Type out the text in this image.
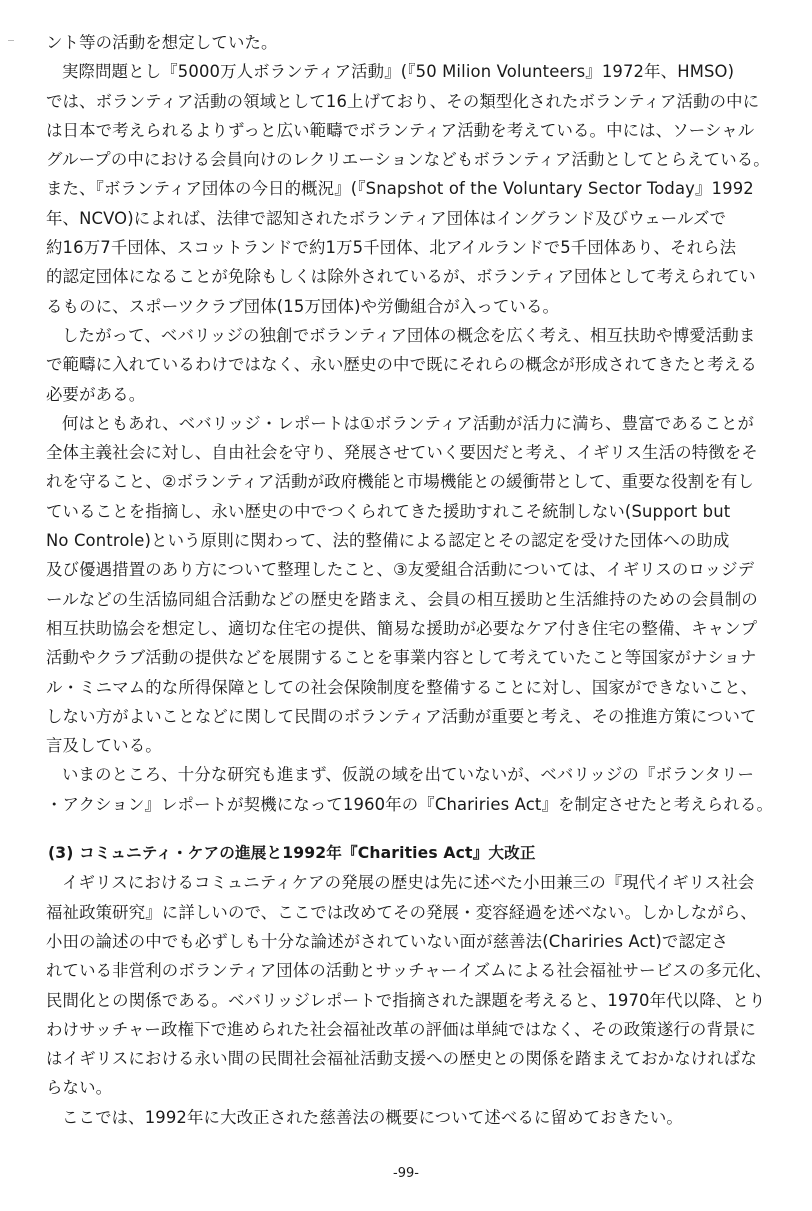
ント等の活動を想定していた。
実際問題とし『5000万人ボランティア活動』(『50 Milion Volunteers』1972年、HMSO)
では、ボランティア活動の領域として16上げており、その類型化されたボランティア活動の中に
は日本で考えられるよりずっと広い範疇でボランティア活動を考えている。中には、ソーシャル
グループの中における会員向けのレクリエーションなどもボランティア活動としてとらえている。
また、『ボランティア団体の今日的概況』(『Snapshot of the Voluntary Sector Today』1992
年、NCVO)によれば、法律で認知されたボランティア団体はイングランド及びウェールズで
約16万7千団体、スコットランドで約1万5千団体、北アイルランドで5千団体あり、それら法
的認定団体になることが免除もしくは除外されているが、ボランティア団体として考えられてい
るものに、スポーツクラブ団体(15万団体)や労働組合が入っている。
したがって、ベバリッジの独創でボランティア団体の概念を広く考え、相互扶助や博愛活動ま
で範疇に入れているわけではなく、永い歴史の中で既にそれらの概念が形成されてきたと考える
必要がある。
何はともあれ、ベバリッジ・レポートは①ボランティア活動が活力に満ち、豊富であることが
全体主義社会に対し、自由社会を守り、発展させていく要因だと考え、イギリス生活の特徴をそ
れを守ること、②ボランティア活動が政府機能と市場機能との緩衝帯として、重要な役割を有し
ていることを指摘し、永い歴史の中でつくられてきた援助すれこそ統制しない(Support but
No Controle)という原則に関わって、法的整備による認定とその認定を受けた団体への助成
及び優遇措置のあり方について整理したこと、③友愛組合活動については、イギリスのロッジデ
ールなどの生活協同組合活動などの歴史を踏まえ、会員の相互援助と生活維持のための会員制の
相互扶助協会を想定し、適切な住宅の提供、簡易な援助が必要なケア付き住宅の整備、キャンプ
活動やクラブ活動の提供などを展開することを事業内容として考えていたこと等国家がナショナ
ル・ミニマム的な所得保障としての社会保険制度を整備することに対し、国家ができないこと、
しない方がよいことなどに関して民間のボランティア活動が重要と考え、その推進方策について
言及している。
いまのところ、十分な研究も進まず、仮説の域を出ていないが、ベバリッジの『ボランタリー
・アクション』レポートが契機になって1960年の『Chariries Act』を制定させたと考えられる。
(3) コミュニティ・ケアの進展と1992年『Charities Act』大改正
イギリスにおけるコミュニティケアの発展の歴史は先に述べた小田兼三の『現代イギリス社会
福祉政策研究』に詳しいので、ここでは改めてその発展・変容経過を述べない。しかしながら、
小田の論述の中でも必ずしも十分な論述がされていない面が慈善法(Chariries Act)で認定さ
れている非営利のボランティア団体の活動とサッチャーイズムによる社会福祉サービスの多元化、
民間化との関係である。ベバリッジレポートで指摘された課題を考えると、1970年代以降、とり
わけサッチャー政権下で進められた社会福祉改革の評価は単純ではなく、その政策遂行の背景に
はイギリスにおける永い間の民間社会福祉活動支援への歴史との関係を踏まえておかなければな
らない。
ここでは、1992年に大改正された慈善法の概要について述べるに留めておきたい。
-99-
